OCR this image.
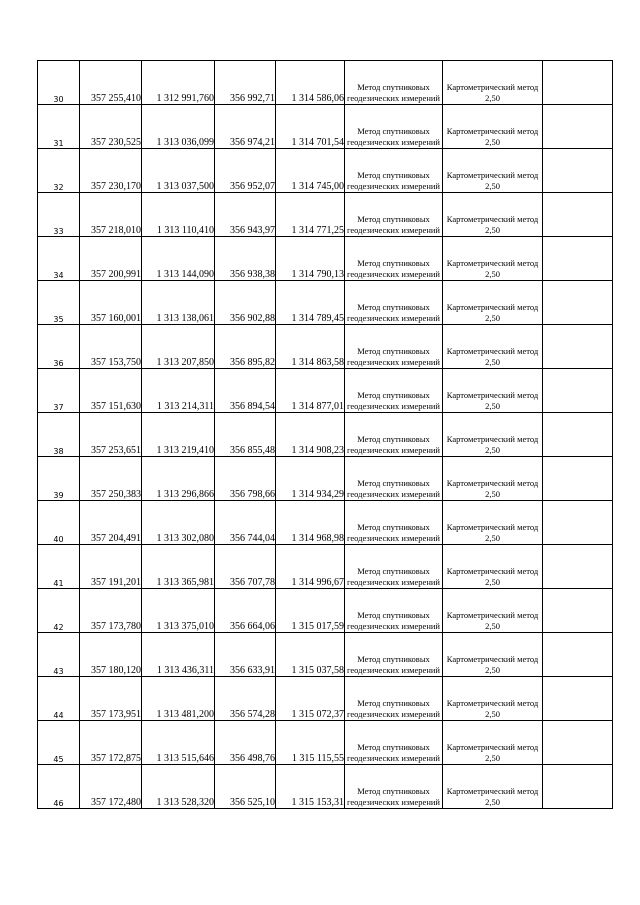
30	357 255,410	1 312 991,760	356 992,71	1 314 586,06	Метод спутниковых геодезических измерений	Картометрический метод 2,50	
31	357 230,525	1 313 036,099	356 974,21	1 314 701,54	Метод спутниковых геодезических измерений	Картометрический метод 2,50	
32	357 230,170	1 313 037,500	356 952,07	1 314 745,00	Метод спутниковых геодезических измерений	Картометрический метод 2,50	
33	357 218,010	1 313 110,410	356 943,97	1 314 771,25	Метод спутниковых геодезических измерений	Картометрический метод 2,50	
34	357 200,991	1 313 144,090	356 938,38	1 314 790,13	Метод спутниковых геодезических измерений	Картометрический метод 2,50	
35	357 160,001	1 313 138,061	356 902,88	1 314 789,45	Метод спутниковых геодезических измерений	Картометрический метод 2,50	
36	357 153,750	1 313 207,850	356 895,82	1 314 863,58	Метод спутниковых геодезических измерений	Картометрический метод 2,50	
37	357 151,630	1 313 214,311	356 894,54	1 314 877,01	Метод спутниковых геодезических измерений	Картометрический метод 2,50	
38	357 253,651	1 313 219,410	356 855,48	1 314 908,23	Метод спутниковых геодезических измерений	Картометрический метод 2,50	
39	357 250,383	1 313 296,866	356 798,66	1 314 934,29	Метод спутниковых геодезических измерений	Картометрический метод 2,50	
40	357 204,491	1 313 302,080	356 744,04	1 314 968,98	Метод спутниковых геодезических измерений	Картометрический метод 2,50	
41	357 191,201	1 313 365,981	356 707,78	1 314 996,67	Метод спутниковых геодезических измерений	Картометрический метод 2,50	
42	357 173,780	1 313 375,010	356 664,06	1 315 017,59	Метод спутниковых геодезических измерений	Картометрический метод 2,50	
43	357 180,120	1 313 436,311	356 633,91	1 315 037,58	Метод спутниковых геодезических измерений	Картометрический метод 2,50	
44	357 173,951	1 313 481,200	356 574,28	1 315 072,37	Метод спутниковых геодезических измерений	Картометрический метод 2,50	
45	357 172,875	1 313 515,646	356 498,76	1 315 115,55	Метод спутниковых геодезических измерений	Картометрический метод 2,50	
46	357 172,480	1 313 528,320	356 525,10	1 315 153,31	Метод спутниковых геодезических измерений	Картометрический метод 2,50	
